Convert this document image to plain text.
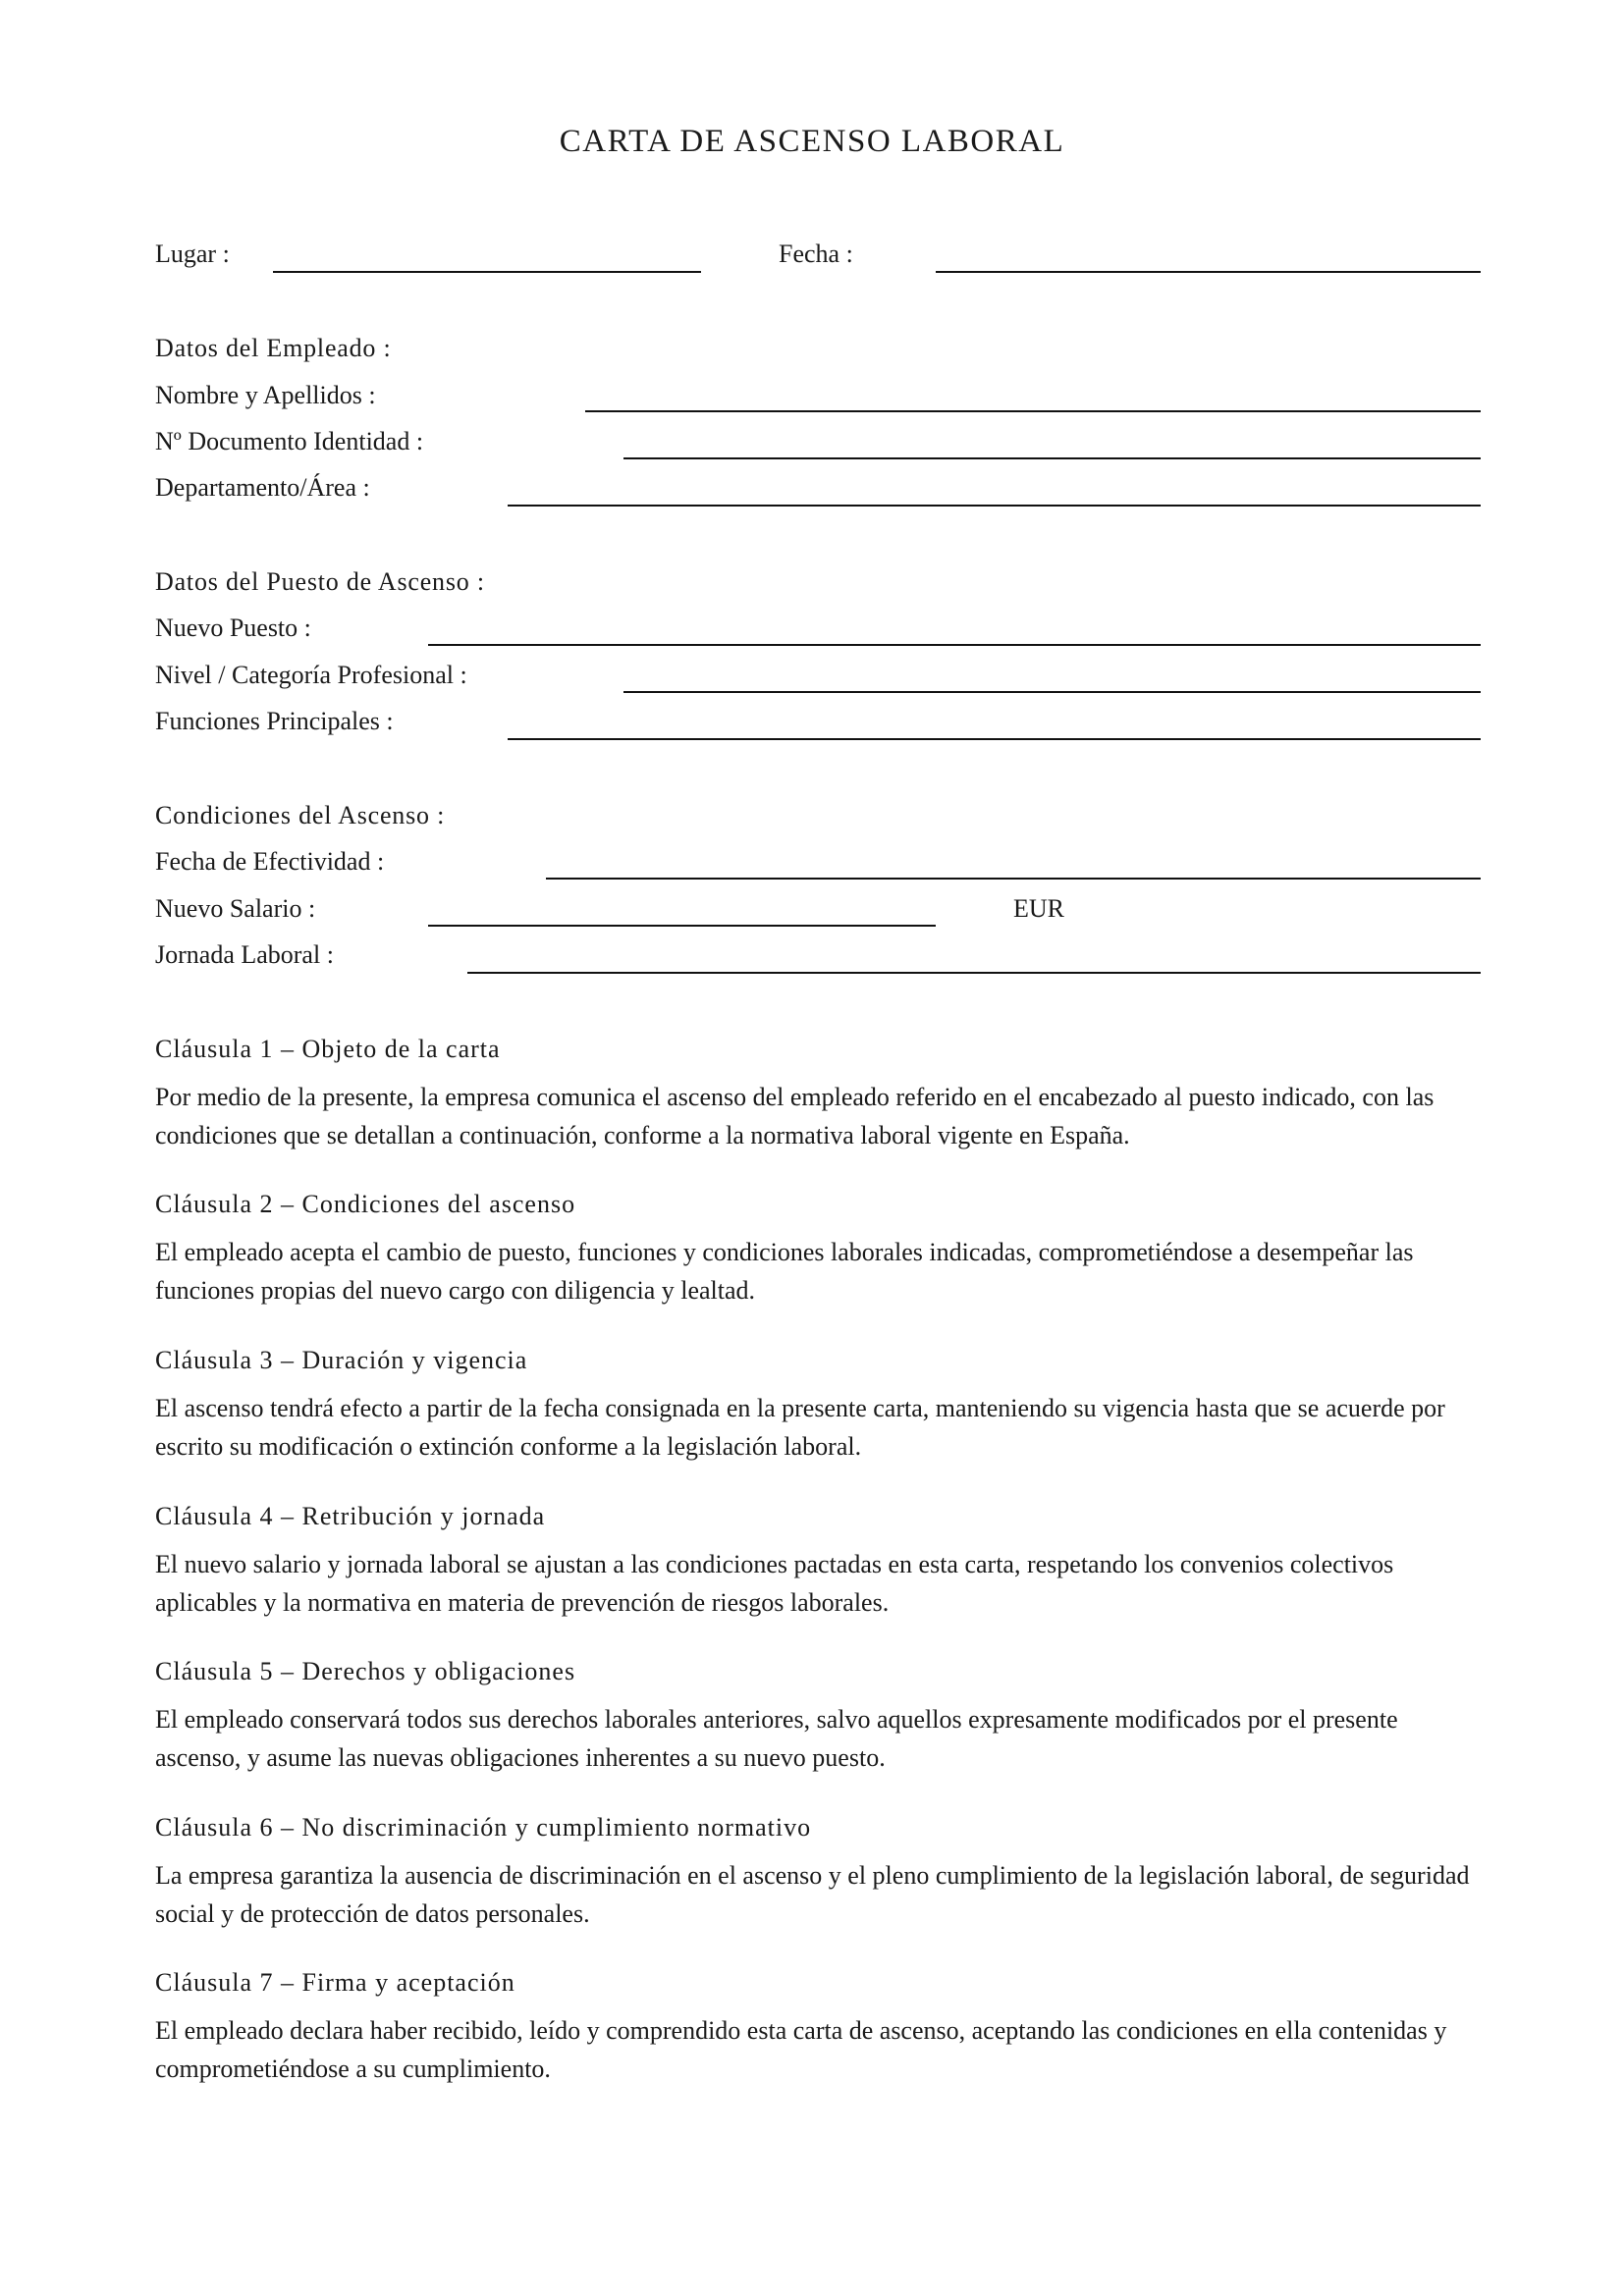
CARTA DE ASCENSO LABORAL
Lugar :	Fecha :
Datos del Empleado :
Nombre y Apellidos :
Nº Documento Identidad :
Departamento/Área :
Datos del Puesto de Ascenso :
Nuevo Puesto :
Nivel / Categoría Profesional :
Funciones Principales :
Condiciones del Ascenso :
Fecha de Efectividad :
Nuevo Salario :	EUR
Jornada Laboral :
Cláusula 1 – Objeto de la carta
Por medio de la presente, la empresa comunica el ascenso del empleado referido en el encabezado al puesto indicado, con las condiciones que se detallan a continuación, conforme a la normativa laboral vigente en España.
Cláusula 2 – Condiciones del ascenso
El empleado acepta el cambio de puesto, funciones y condiciones laborales indicadas, comprometiéndose a desempeñar las funciones propias del nuevo cargo con diligencia y lealtad.
Cláusula 3 – Duración y vigencia
El ascenso tendrá efecto a partir de la fecha consignada en la presente carta, manteniendo su vigencia hasta que se acuerde por escrito su modificación o extinción conforme a la legislación laboral.
Cláusula 4 – Retribución y jornada
El nuevo salario y jornada laboral se ajustan a las condiciones pactadas en esta carta, respetando los convenios colectivos aplicables y la normativa en materia de prevención de riesgos laborales.
Cláusula 5 – Derechos y obligaciones
El empleado conservará todos sus derechos laborales anteriores, salvo aquellos expresamente modificados por el presente ascenso, y asume las nuevas obligaciones inherentes a su nuevo puesto.
Cláusula 6 – No discriminación y cumplimiento normativo
La empresa garantiza la ausencia de discriminación en el ascenso y el pleno cumplimiento de la legislación laboral, de seguridad social y de protección de datos personales.
Cláusula 7 – Firma y aceptación
El empleado declara haber recibido, leído y comprendido esta carta de ascenso, aceptando las condiciones en ella contenidas y comprometiéndose a su cumplimiento.
